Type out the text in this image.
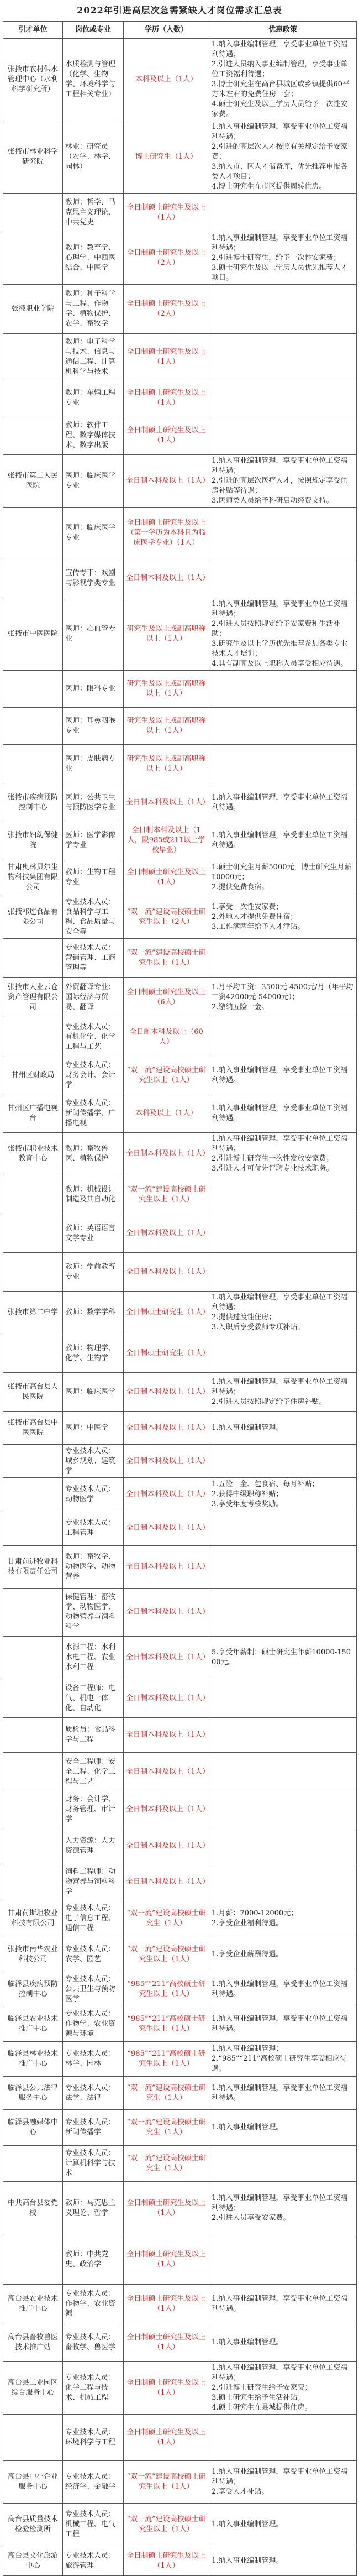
2022年引进高层次急需紧缺人才岗位需求汇总表
引才单位	岗位或专业	学历（人数）	优惠政策
张掖市农村供水管理中心（水利科学研究所）	水质检测与管理（化学、生物学、环境科学与工程相关专业）	本科及以上（1人）	1.纳入事业编制管理，享受事业单位工资福利待遇；
2.引进人员纳入事业编制管理，享受事业单位工资福利待遇；
3.博士研究生在高台县城区或乡镇提供60平方米左右的免费住房一套；
4.硕士研究生及以上学历人员给予一次性安家费。

张掖市林业科学研究院	林业：研究员（农学、林学、园林）	博士研究生（1人）	1.纳入事业编制管理，享受事业单位工资福利待遇；
2.引进的高层次人才按照有关规定给予安家费；
3.纳入市、区人才储备库，优先推荐申报各类人才项目；
4.博士研究生在市区提供周转住房。

	教师：哲学、马克思主义理论、中共党史	全日制硕士研究生及以上（1人）	
	教师：教育学、心理学、中西医结合、中医学	全日制硕士研究生及以上（2人）	1.纳入事业编制管理，享受事业单位工资福利待遇；
2.引进博士研究生，给予一次性安家费；
3.硕士研究生及以上学历人员优先推荐人才项目。

张掖职业学院	教师：种子科学与工程、作物学、植物保护、农学、畜牧学	全日制硕士研究生及以上（2人）	
	教师：电子科学与技术、信息与通信工程、计算机科学与技术	全日制硕士研究生及以上（1人）	
	教师：车辆工程专业	全日制硕士研究生及以上（1人）	
	教师：软件工程、数字媒体技术、数字出版	全日制硕士研究生及以上（1人）	
张掖市第二人民医院	医师：临床医学专业	全日制本科及以上（1人）	1.纳入事业编制管理，享受事业单位工资福利待遇；
2.引进的高层次医疗人才，按照规定享受住房补贴等待遇；
3.医师类人员给予科研启动经费支持。

	医师：临床医学专业	全日制硕士研究生及以上（第一学历为本科且为临床医学专业）（1人）	
	宣传专干：戏剧与影视学类专业	全日制本科及以上（1人）	
张掖市中医医院	医师：心血管专业	研究生及以上或副高职称以上（1人）	1.纳入事业编制管理，享受事业单位工资福利待遇；
2.引进人员按照规定给予安家费和生活补助；
3.研究生及以上学历优先推荐参加各类专业技术人才培训；
4.具有副高及以上职称人员享受相应待遇。

	医师：眼科专业	研究生及以上或副高职称以上（1人）	
	医师：耳鼻咽喉专业	研究生及以上或副高职称以上（1人）	
	医师：皮肤病专业	研究生及以上或副高职称以上（1人）	
张掖市疾病预防控制中心	医师：公共卫生与预防医学专业	全日制本科及以上（1人）	1.纳入事业编制管理，享受事业单位工资福利待遇。

张掖市妇幼保健院	医师：医学影像学专业	全日制本科及以上（1人，限985或211以上学校毕业）	1.纳入事业编制管理，享受事业单位工资福利待遇。

甘肃奥林贝尔生物科技集团有限公司	教师：生物工程专业	全日制硕士研究生及以上（1人）	1.硕士研究生月薪5000元，博士研究生月薪10000元；
2.提供免费食宿。

张掖祁连食品有限公司	专业技术人员：食品科学与工程、食品质量与安全等	“双一流”建设高校硕士研究生以上（2人）	1.享受一次性安家费；
2.外地人才提供免费住宿；
3.工作满两年给予人才津贴。

	专业技术人员：营销管理、工商管理等	“双一流”建设高校硕士研究生以上（1人）	
张掖市大业云仓资产管理有限公司	外贸翻译专业：国际经济与贸易、翻译	全日制硕士研究生及以上（6人）	1.月平均工资：3500元-4500元/月（年平均工资42000元-54000元）；
2.缴纳五险一金。

	专业技术人员：有机化学、化学工程与工艺	全日制本科及以上（60人）	
甘州区财政局	专业技术人员：财务会计、会计学	“双一流”建设高校硕士研究生以上（1人）	1.纳入事业编制管理，享受事业单位工资福利待遇。

甘州区广播电视台	专业技术人员：新闻传播学、广播电视	本科及以上（1人）	1.纳入事业编制管理，享受事业单位工资福利待遇。

张掖市职业技术教育中心	教师：畜牧兽医、植物保护	全日制本科及以上（1人）	1.纳入事业编制管理，享受事业单位工资福利待遇；
2.引进博士研究生一次性发放安家费；
3.引进人才可优先评聘专业技术职务。

	教师：机械设计制造及其自动化	“双一流”建设高校硕士研究生以上（1人）	
	教师：英语语言文学专业	全日制本科及以上（1人）	
	教师：学前教育专业	全日制本科及以上（1人）	
张掖市第二中学	教师：数学学科	全日制硕士研究生（1人）	1.纳入事业编制管理，享受事业单位工资福利待遇；
2.提供过渡性住房；
3.入职后享受教师专项补贴。

	教师：物理学、化学、生物学	全日制硕士研究生（1人）	
张掖市高台县人民医院	医师：临床医学	全日制本科及以上（1人）	1.纳入事业编制管理，享受事业单位工资福利待遇；
2.引进人员按照规定给予住房补贴。

张掖市高台县中医医院	医师：中医学	全日制本科及以上（1人）	1.纳入事业编制管理。

	专业技术人员：城乡规划、建筑学	全日制本科及以上（1人）	
	专业技术人员：动物医学	全日制本科及以上（1人）	1.五险一金、包食宿、每月补贴；
2.获得中级职称补贴；
3.享受年度考核奖励。

	专业技术人员：工程管理	全日制本科及以上（1人）	
甘肃前进牧业科技有限责任公司	教师：畜牧学、动物医学、动物营养	全日制本科及以上（1人）	
	保健管理：畜牧学、动物医学、动物营养与饲料科学	全日制本科及以上（1人）	
	水源工程：水利水电工程、农业水利工程	全日制本科及以上（1人）	5.享受年薪制：硕士研究生年薪10000-15000元。

	设备工程师：电气、机电一体化、自动化	全日制本科及以上（1人）	
	质检员：食品科学与工程	全日制本科及以上（1人）	
	安全工程师：安全工程、化学工程与工艺	全日制本科及以上（1人）	
	财务：会计学、财务管理、审计学	全日制本科及以上（1人）	
	人力资源：人力资源管理	全日制本科及以上（1人）	
	饲料工程师：动物营养与饲料科学	全日制本科及以上（1人）	
甘肃荷斯坦牧业科技有限公司	专业技术人员：电子信息工程、通信工程	“双一流”建设高校硕士研究生（1人）	1.月薪：7000-12000元；
2.享受企业福利待遇。

张掖市南华农业科技公司	专业技术人员：农学、园艺	“双一流”建设高校硕士研究生以上（1人）	1.享受企业薪酬待遇。

临泽县疾病预防控制中心	专业技术人员：公共卫生与预防医学	“985”“211”高校硕士研究生以上（1人）	1.纳入事业编制管理，享受事业单位工资福利待遇。

临泽县农业技术推广中心	专业技术人员：作物学、农业资源与环境	“985”“211”高校硕士研究生以上（1人）	1.纳入事业编制管理，享受事业单位工资福利待遇。

临泽县林业技术推广中心	专业技术人员：林学、园林	“985”“211”高校硕士研究生以上（1人）	1.纳入事业编制管理；
2.“985”“211”高校硕士研究生享受相应待遇。

临泽县公共法律服务中心	专业技术人员：法学、法律	“双一流”建设高校硕士研究生（1人）	1.纳入事业编制管理，享受事业单位工资福利待遇。

临泽县融媒体中心	专业技术人员：新闻传播学	“双一流”建设高校硕士研究生（1人）	1.纳入事业编制管理。

	专业技术人员：计算机科学与技术	“双一流”建设高校硕士研究生（1人）	
中共高台县委党校	教师：马克思主义理论、哲学	全日制硕士研究生及以上（1人）	1.纳入事业编制管理，享受事业单位工资福利待遇；
2.引进人员享受安家费。

	教师：中共党史、政治学	全日制硕士研究生及以上（1人）	
高台县农业技术推广中心	专业技术人员：作物学、农业资源	全日制硕士研究生及以上（1人）	1.纳入事业编制管理，享受事业单位工资福利待遇。

高台县畜牧兽医技术推广站	专业技术人员：畜牧学、兽医学	全日制硕士研究生及以上（1人）	1.纳入事业编制管理。

高台县工业园区综合服务中心	专业技术人员：化学工程与技术、机械工程	全日制硕士研究生及以上（1人）	1.纳入事业编制管理，享受事业单位工资福利待遇；
2.引进博士研究生给予安家费；
3.硕士研究生给予生活补贴；
4.硕士研究生在县城提供住房。

	专业技术人员：环境科学与工程	全日制硕士研究生及以上（1人）	
高台县中小企业服务中心	专业技术人员：经济学、金融学	“双一流”建设高校硕士研究生以上（1人）	1.纳入事业编制管理，享受事业单位工资福利待遇；
2.享受人才补贴。

高台县质量技术检验检测所	专业技术人员：机械工程、电气工程	“双一流”建设高校硕士研究生以上（1人）	1.纳入事业编制管理。

高台县文化旅游中心	专业技术人员：旅游管理	全日制硕士研究生及以上（1人）	1.纳入事业编制管理。
